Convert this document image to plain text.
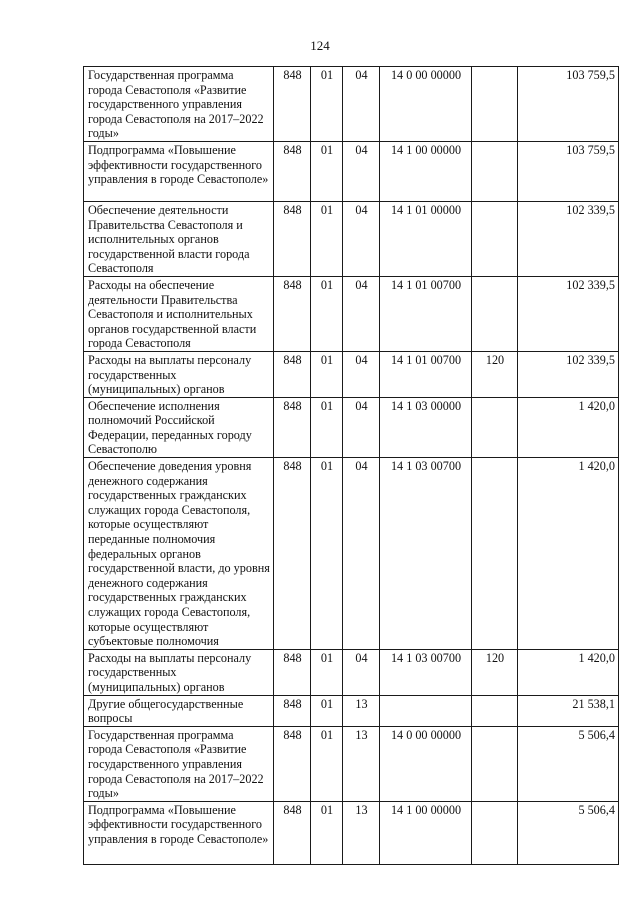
124
Государственная программа города Севастополя «Развитие государственного управления города Севастополя на 2017–2022 годы»	848	01	04	14 0 00 00000		103 759,5
Подпрограмма «Повышение эффективности государственного управления в городе Севастополе»	848	01	04	14 1 00 00000		103 759,5
Обеспечение деятельности Правительства Севастополя и исполнительных органов государственной власти города Севастополя	848	01	04	14 1 01 00000		102 339,5
Расходы на обеспечение деятельности Правительства Севастополя и исполнительных органов государственной власти города Севастополя	848	01	04	14 1 01 00700		102 339,5
Расходы на выплаты персоналу государственных (муниципальных) органов	848	01	04	14 1 01 00700	120	102 339,5
Обеспечение исполнения полномочий Российской Федерации, переданных городу Севастополю	848	01	04	14 1 03 00000		1 420,0
Обеспечение доведения уровня денежного содержания государственных гражданских служащих города Севастополя, которые осуществляют переданные полномочия федеральных органов государственной власти, до уровня денежного содержания государственных гражданских служащих города Севастополя, которые осуществляют субъектовые полномочия	848	01	04	14 1 03 00700		1 420,0
Расходы на выплаты персоналу государственных (муниципальных) органов	848	01	04	14 1 03 00700	120	1 420,0
Другие общегосударственные вопросы	848	01	13			21 538,1
Государственная программа города Севастополя «Развитие государственного управления города Севастополя на 2017–2022 годы»	848	01	13	14 0 00 00000		5 506,4
Подпрограмма «Повышение эффективности государственного управления в городе Севастополе»	848	01	13	14 1 00 00000		5 506,4
